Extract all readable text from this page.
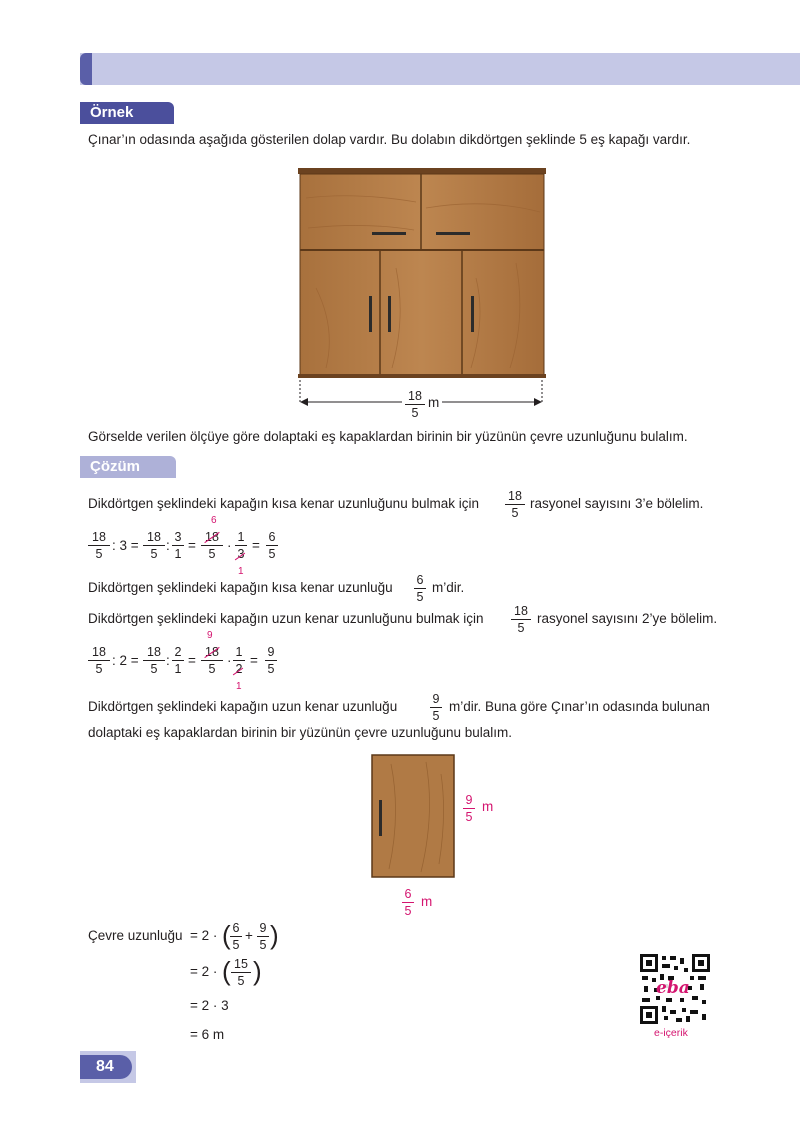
Örnek
Çınar’ın odasında aşağıda gösterilen dolap vardır. Bu dolabın dikdörtgen şeklinde 5 eş kapağı vardır.
18
5
m
Görselde verilen ölçüye göre dolaptaki eş kapaklardan birinin bir yüzünün çevre uzunluğunu bulalım.
Çözüm
Dikdörtgen şeklindeki kapağın kısa kenar uzunluğunu bulmak için 18
5
rasyonel sayısını 3’e bölelim.
18
5
: 3 =
18
5
:
3
1
=
6
18
5
·
1
3
1
=
6
5
Dikdörtgen şeklindeki kapağın kısa kenar uzunluğu 6
5
m’dir.
Dikdörtgen şeklindeki kapağın uzun kenar uzunluğunu bulmak için 18
5
rasyonel sayısını 2’ye bölelim.
18
5
: 2 =
18
5
:
2
1
=
9
18
5
·
1
2
1
=
9
5
Dikdörtgen şeklindeki kapağın uzun kenar uzunluğu	9
5
m’dir. Buna göre Çınar’ın odasında bulunan
dolaptaki eş kapaklardan birinin bir yüzünün çevre uzunluğunu bulalım.
9
5
m
6
5
m
Çevre uzunluğu = 2 · ( 6
5
+ 9
5 )
= 2 · ( 15
5 )
= 2 · 3
= 6 m
eba
e-içerik
84
